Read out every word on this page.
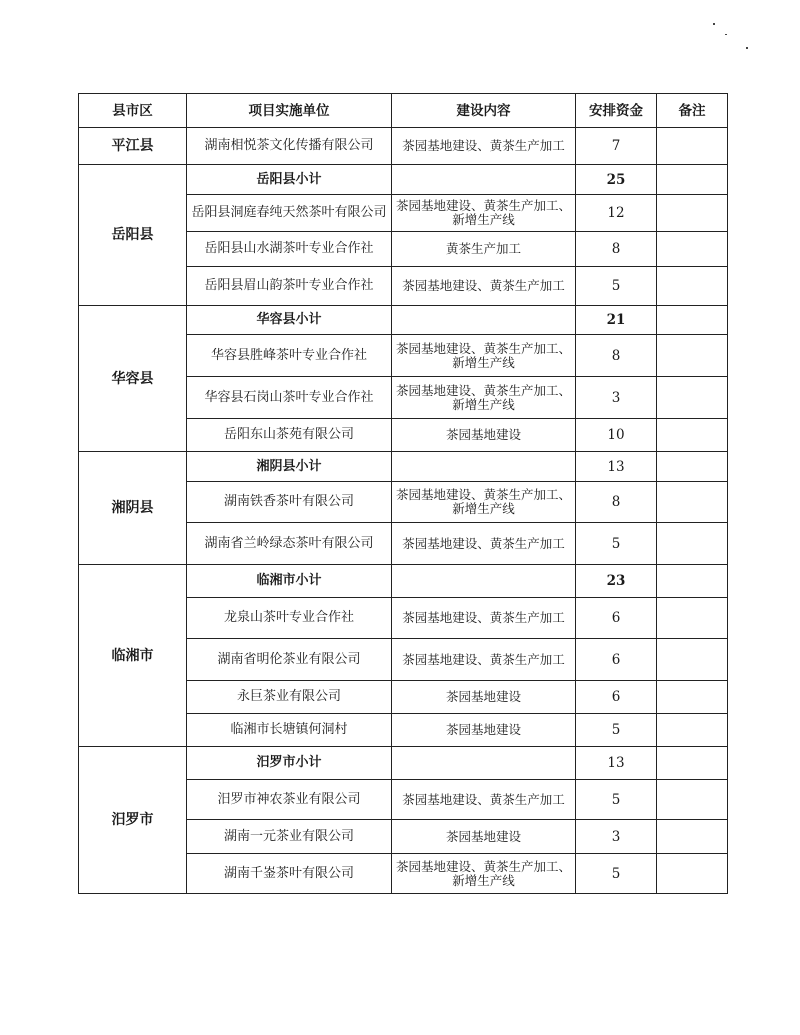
县市区	项目实施单位	建设内容	安排资金	备注
平江县	湖南相悦茶文化传播有限公司	茶园基地建设、黄茶生产加工	7	
岳阳县	岳阳县小计		25	
	岳阳县洞庭春纯天然茶叶有限公司	茶园基地建设、黄茶生产加工、新增生产线	12	
	岳阳县山水湖茶叶专业合作社	黄茶生产加工	8	
	岳阳县眉山韵茶叶专业合作社	茶园基地建设、黄茶生产加工	5	
华容县	华容县小计		21	
	华容县胜峰茶叶专业合作社	茶园基地建设、黄茶生产加工、新增生产线	8	
	华容县石岗山茶叶专业合作社	茶园基地建设、黄茶生产加工、新增生产线	3	
	岳阳东山茶苑有限公司	茶园基地建设	10	
湘阴县	湘阴县小计		13	
	湖南铁香茶叶有限公司	茶园基地建设、黄茶生产加工、新增生产线	8	
	湖南省兰岭绿态茶叶有限公司	茶园基地建设、黄茶生产加工	5	
临湘市	临湘市小计		23	
	龙泉山茶叶专业合作社	茶园基地建设、黄茶生产加工	6	
	湖南省明伦茶业有限公司	茶园基地建设、黄茶生产加工	6	
	永巨茶业有限公司	茶园基地建设	6	
	临湘市长塘镇何洞村	茶园基地建设	5	
汨罗市	汨罗市小计		13	
	汨罗市神农茶业有限公司	茶园基地建设、黄茶生产加工	5	
	湖南一元茶业有限公司	茶园基地建设	3	
	湖南千崟茶叶有限公司	茶园基地建设、黄茶生产加工、新增生产线	5	
